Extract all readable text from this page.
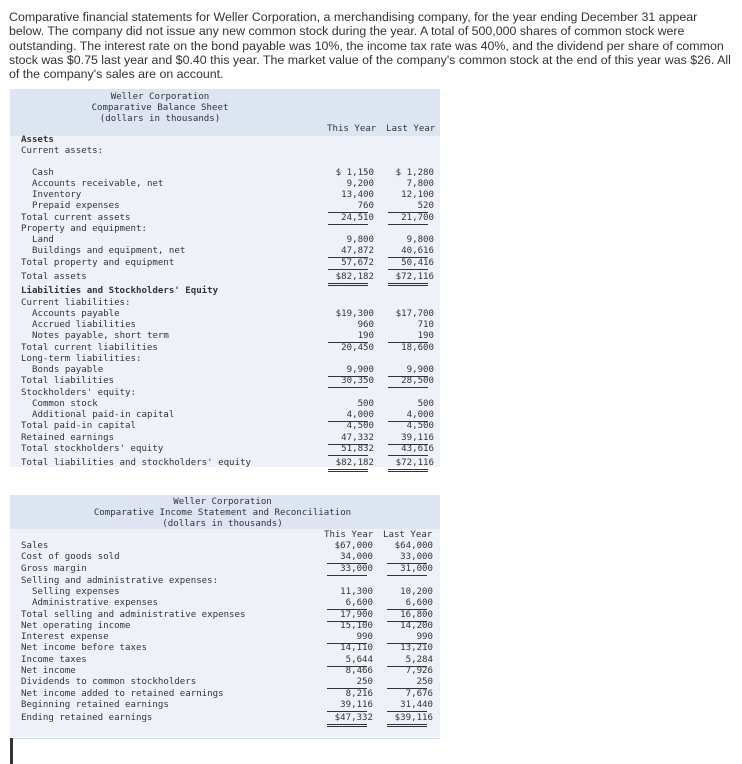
Comparative financial statements for Weller Corporation, a merchandising company, for the year ending December 31 appear below. The company did not issue any new common stock during the year. A total of 500,000 shares of common stock were outstanding. The interest rate on the bond payable was 10%, the income tax rate was 40%, and the dividend per share of common stock was $0.75 last year and $0.40 this year. The market value of the company's common stock at the end of this year was $26. All of the company's sales are on account.
Weller Corporation
Comparative Balance Sheet
(dollars in thousands)
This Year Last Year
Assets
Current assets:
Cash	$ 1,150	$ 1,280
Accounts receivable, net	9,200	7,800
Inventory	13,400	12,100
Prepaid expenses	760	520
Total current assets	24,510	21,700
Property and equipment:
Land	9,800	9,800
Buildings and equipment, net	47,872	40,616
Total property and equipment	57,672	50,416
Total assets	$82,182	$72,116
Liabilities and Stockholders' Equity
Current liabilities:
Accounts payable	$19,300	$17,700
Accrued liabilities	960	710
Notes payable, short term	190	190
Total current liabilities	20,450	18,600
Long-term liabilities:
Bonds payable	9,900	9,900
Total liabilities	30,350	28,500
Stockholders' equity:
Common stock	500	500
Additional paid-in capital	4,000	4,000
Total paid-in capital	4,500	4,500
Retained earnings	47,332	39,116
Total stockholders' equity	51,832	43,616
Total liabilities and stockholders' equity	$82,182	$72,116
Weller Corporation
Comparative Income Statement and Reconciliation
(dollars in thousands)
This Year Last Year
Sales	$67,000	$64,000
Cost of goods sold	34,000	33,000
Gross margin	33,000	31,000
Selling and administrative expenses:
Selling expenses	11,300	10,200
Administrative expenses	6,600	6,600
Total selling and administrative expenses	17,900	16,800
Net operating income	15,100	14,200
Interest expense	990	990
Net income before taxes	14,110	13,210
Income taxes	5,644	5,284
Net income	8,466	7,926
Dividends to common stockholders	250	250
Net income added to retained earnings	8,216	7,676
Beginning retained earnings	39,116	31,440
Ending retained earnings	$47,332	$39,116
